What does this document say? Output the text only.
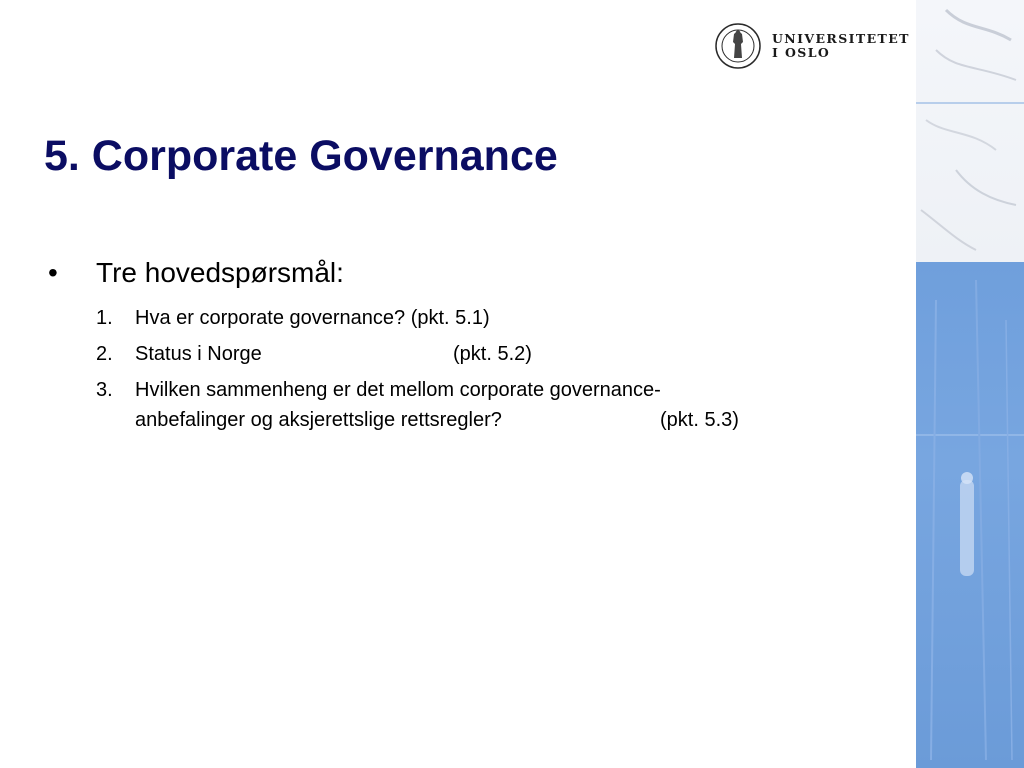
UNIVERSITETET
I OSLO
5. Corporate Governance
• Tre hovedspørsmål:
1. Hva er corporate governance? (pkt. 5.1)
2. Status i Norge	(pkt. 5.2)
3. Hvilken sammenheng er det mellom corporate governance-
anbefalinger og aksjerettslige rettsregler?	(pkt. 5.3)
